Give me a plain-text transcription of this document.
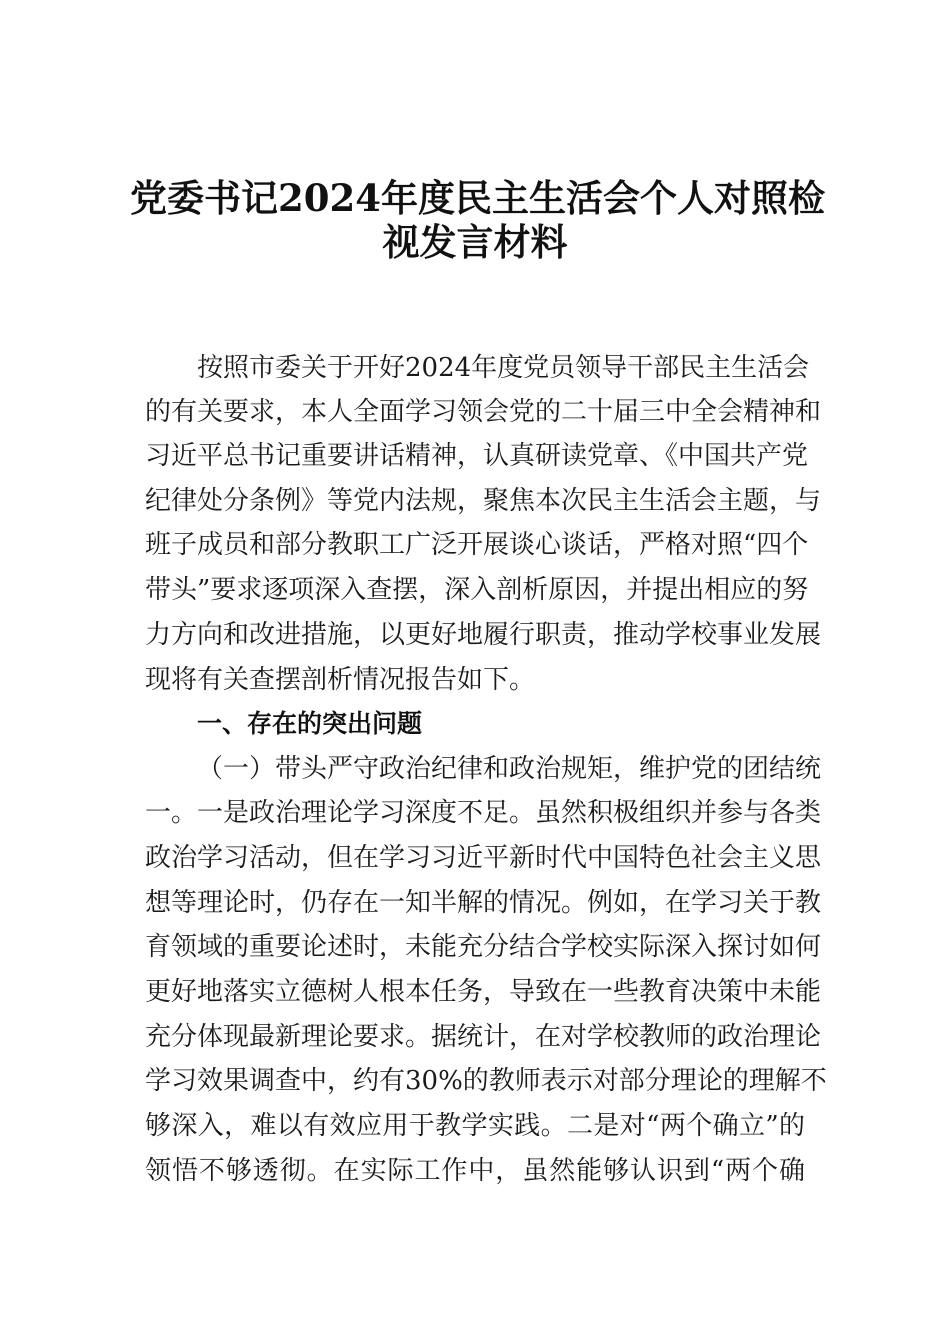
党委书记2024年度民主生活会个人对照检
视发言材料

按照市委关于开好2024年度党员领导干部民主生活会

的有关要求，本人全面学习领会党的二十届三中全会精神和

习近平总书记重要讲话精神，认真研读党章、《中国共产党

纪律处分条例》等党内法规，聚焦本次民主生活会主题，与

班子成员和部分教职工广泛开展谈心谈话，严格对照“四个

带头”要求逐项深入查摆，深入剖析原因，并提出相应的努

力方向和改进措施，以更好地履行职责，推动学校事业发展

现将有关查摆剖析情况报告如下。

一、存在的突出问题

（一）带头严守政治纪律和政治规矩，维护党的团结统

一。一是政治理论学习深度不足。虽然积极组织并参与各类

政治学习活动，但在学习习近平新时代中国特色社会主义思

想等理论时，仍存在一知半解的情况。例如，在学习关于教

育领域的重要论述时，未能充分结合学校实际深入探讨如何

更好地落实立德树人根本任务，导致在一些教育决策中未能

充分体现最新理论要求。据统计，在对学校教师的政治理论

学习效果调查中，约有30%的教师表示对部分理论的理解不

够深入，难以有效应用于教学实践。二是对“两个确立”的

领悟不够透彻。在实际工作中，虽然能够认识到“两个确
